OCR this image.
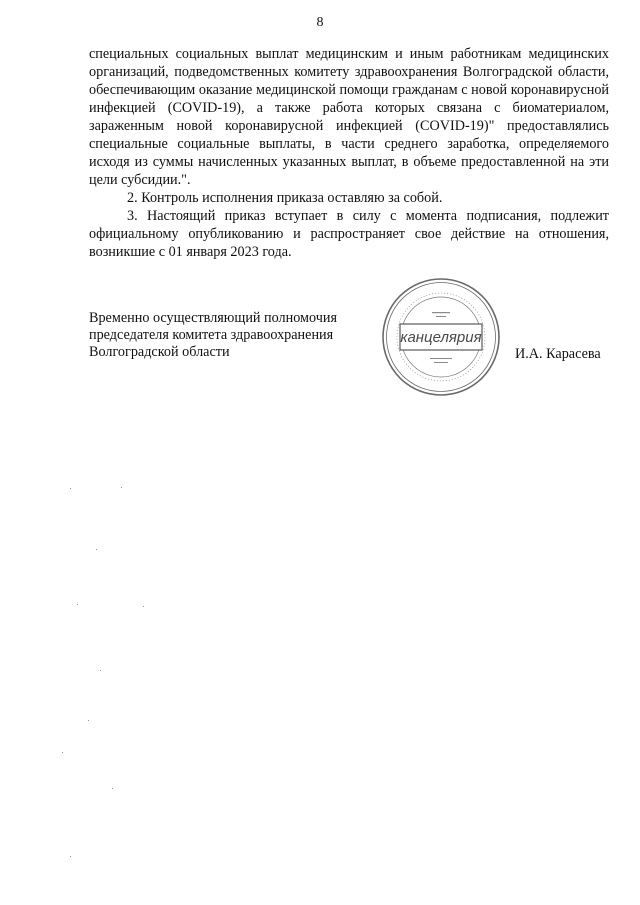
8

специальных социальных выплат медицинским и иным работникам медицинских организаций, подведомственных комитету здравоохранения Волгоградской области, обеспечивающим оказание медицинской помощи гражданам с новой коронавирусной инфекцией (COVID-19), а также работа которых связана с биоматериалом, зараженным новой коронавирусной инфекцией (COVID-19)" предоставлялись специальные социальные выплаты, в части среднего заработка, определяемого исходя из суммы начисленных указанных выплат, в объеме предоставленной на эти цели субсидии.".

2. Контроль исполнения приказа оставляю за собой.

3. Настоящий приказ вступает в силу с момента подписания, подлежит официальному опубликованию и распространяет свое действие на отношения, возникшие с 01 января 2023 года.

Временно осуществляющий полномочия
председателя комитета здравоохранения
Волгоградской области
канцелярия
И.А. Карасева
